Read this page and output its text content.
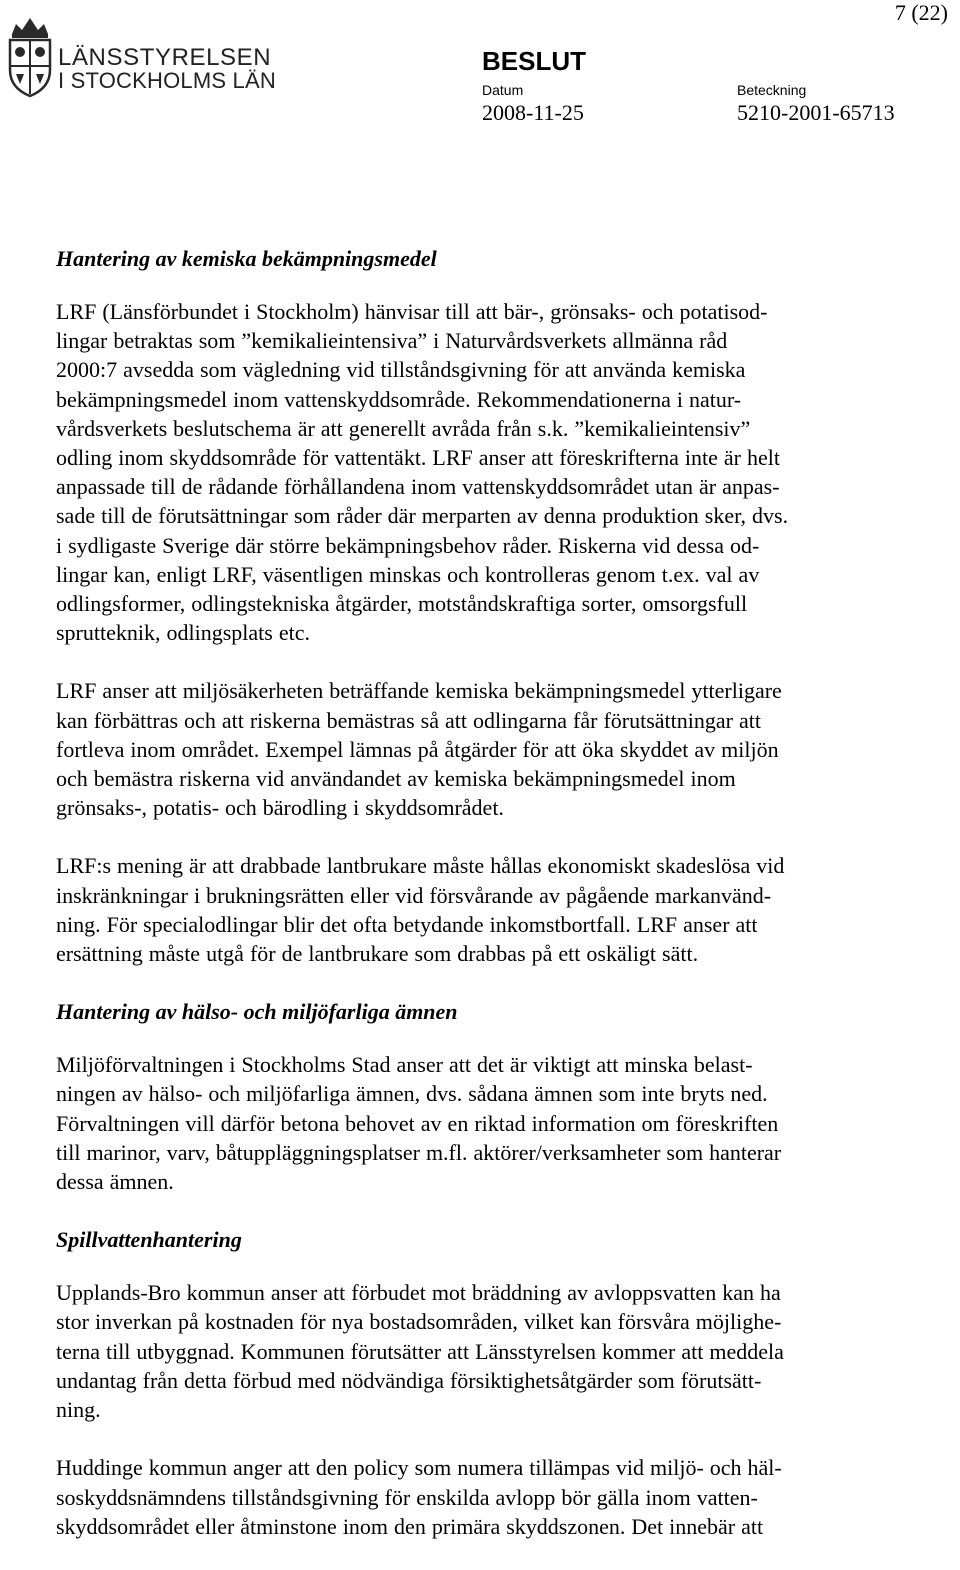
LÄNSSTYRELSEN
I STOCKHOLMS LÄN
7 (22)
BESLUT
Datum
2008-11-25
Beteckning
5210-2001-65713
Hantering av kemiska bekämpningsmedel

LRF (Länsförbundet i Stockholm) hänvisar till att bär-, grönsaks- och potatisod-
lingar betraktas som ”kemikalieintensiva” i Naturvårdsverkets allmänna råd
2000:7 avsedda som vägledning vid tillståndsgivning för att använda kemiska
bekämpningsmedel inom vattenskyddsområde. Rekommendationerna i natur-
vårdsverkets beslutschema är att generellt avråda från s.k. ”kemikalieintensiv”
odling inom skyddsområde för vattentäkt. LRF anser att föreskrifterna inte är helt
anpassade till de rådande förhållandena inom vattenskyddsområdet utan är anpas-
sade till de förutsättningar som råder där merparten av denna produktion sker, dvs.
i sydligaste Sverige där större bekämpningsbehov råder. Riskerna vid dessa od-
lingar kan, enligt LRF, väsentligen minskas och kontrolleras genom t.ex. val av
odlingsformer, odlingstekniska åtgärder, motståndskraftiga sorter, omsorgsfull
sprutteknik, odlingsplats etc.

LRF anser att miljösäkerheten beträffande kemiska bekämpningsmedel ytterligare
kan förbättras och att riskerna bemästras så att odlingarna får förutsättningar att
fortleva inom området. Exempel lämnas på åtgärder för att öka skyddet av miljön
och bemästra riskerna vid användandet av kemiska bekämpningsmedel inom
grönsaks-, potatis- och bärodling i skyddsområdet.

LRF:s mening är att drabbade lantbrukare måste hållas ekonomiskt skadeslösa vid
inskränkningar i brukningsrätten eller vid försvårande av pågående markanvänd-
ning. För specialodlingar blir det ofta betydande inkomstbortfall. LRF anser att
ersättning måste utgå för de lantbrukare som drabbas på ett oskäligt sätt.

Hantering av hälso- och miljöfarliga ämnen

Miljöförvaltningen i Stockholms Stad anser att det är viktigt att minska belast-
ningen av hälso- och miljöfarliga ämnen, dvs. sådana ämnen som inte bryts ned.
Förvaltningen vill därför betona behovet av en riktad information om föreskriften
till marinor, varv, båtuppläggningsplatser m.fl. aktörer/verksamheter som hanterar
dessa ämnen.

Spillvattenhantering

Upplands-Bro kommun anser att förbudet mot bräddning av avloppsvatten kan ha
stor inverkan på kostnaden för nya bostadsområden, vilket kan försvåra möjlighe-
terna till utbyggnad. Kommunen förutsätter att Länsstyrelsen kommer att meddela
undantag från detta förbud med nödvändiga försiktighetsåtgärder som förutsätt-
ning.

Huddinge kommun anger att den policy som numera tillämpas vid miljö- och häl-
soskyddsnämndens tillståndsgivning för enskilda avlopp bör gälla inom vatten-
skyddsområdet eller åtminstone inom den primära skyddszonen. Det innebär att
